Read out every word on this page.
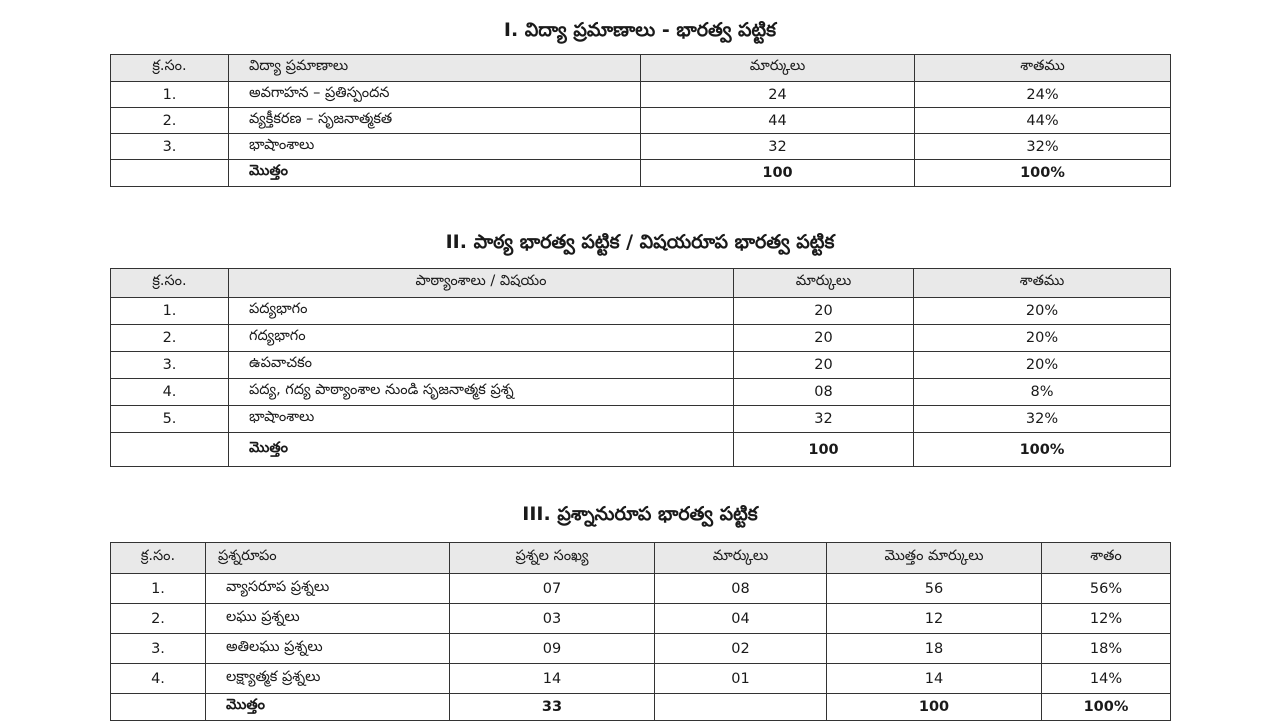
I. విద్యా ప్రమాణాలు - భారత్వ పట్టిక
క్ర.సం.	విద్యా ప్రమాణాలు	మార్కులు	శాతము
1.	అవగాహన – ప్రతిస్పందన	24	24%
2.	వ్యక్తీకరణ – సృజనాత్మకత	44	44%
3.	భాషాంశాలు	32	32%
	మొత్తం	100	100%
II. పాఠ్య భారత్వ పట్టిక / విషయరూప భారత్వ పట్టిక
క్ర.సం.	పాఠ్యాంశాలు / విషయం	మార్కులు	శాతము
1.	పద్యభాగం	20	20%
2.	గద్యభాగం	20	20%
3.	ఉపవాచకం	20	20%
4.	పద్య, గద్య పాఠ్యాంశాల నుండి సృజనాత్మక ప్రశ్న	08	8%
5.	భాషాంశాలు	32	32%
	మొత్తం	100	100%
III. ప్రశ్నానురూప భారత్వ పట్టిక
క్ర.సం.	ప్రశ్నరూపం	ప్రశ్నల సంఖ్య	మార్కులు	మొత్తం మార్కులు	శాతం
1.	వ్యాసరూప ప్రశ్నలు	07	08	56	56%
2.	లఘు ప్రశ్నలు	03	04	12	12%
3.	అతిలఘు ప్రశ్నలు	09	02	18	18%
4.	లక్ష్యాత్మక ప్రశ్నలు	14	01	14	14%
	మొత్తం	33		100	100%
